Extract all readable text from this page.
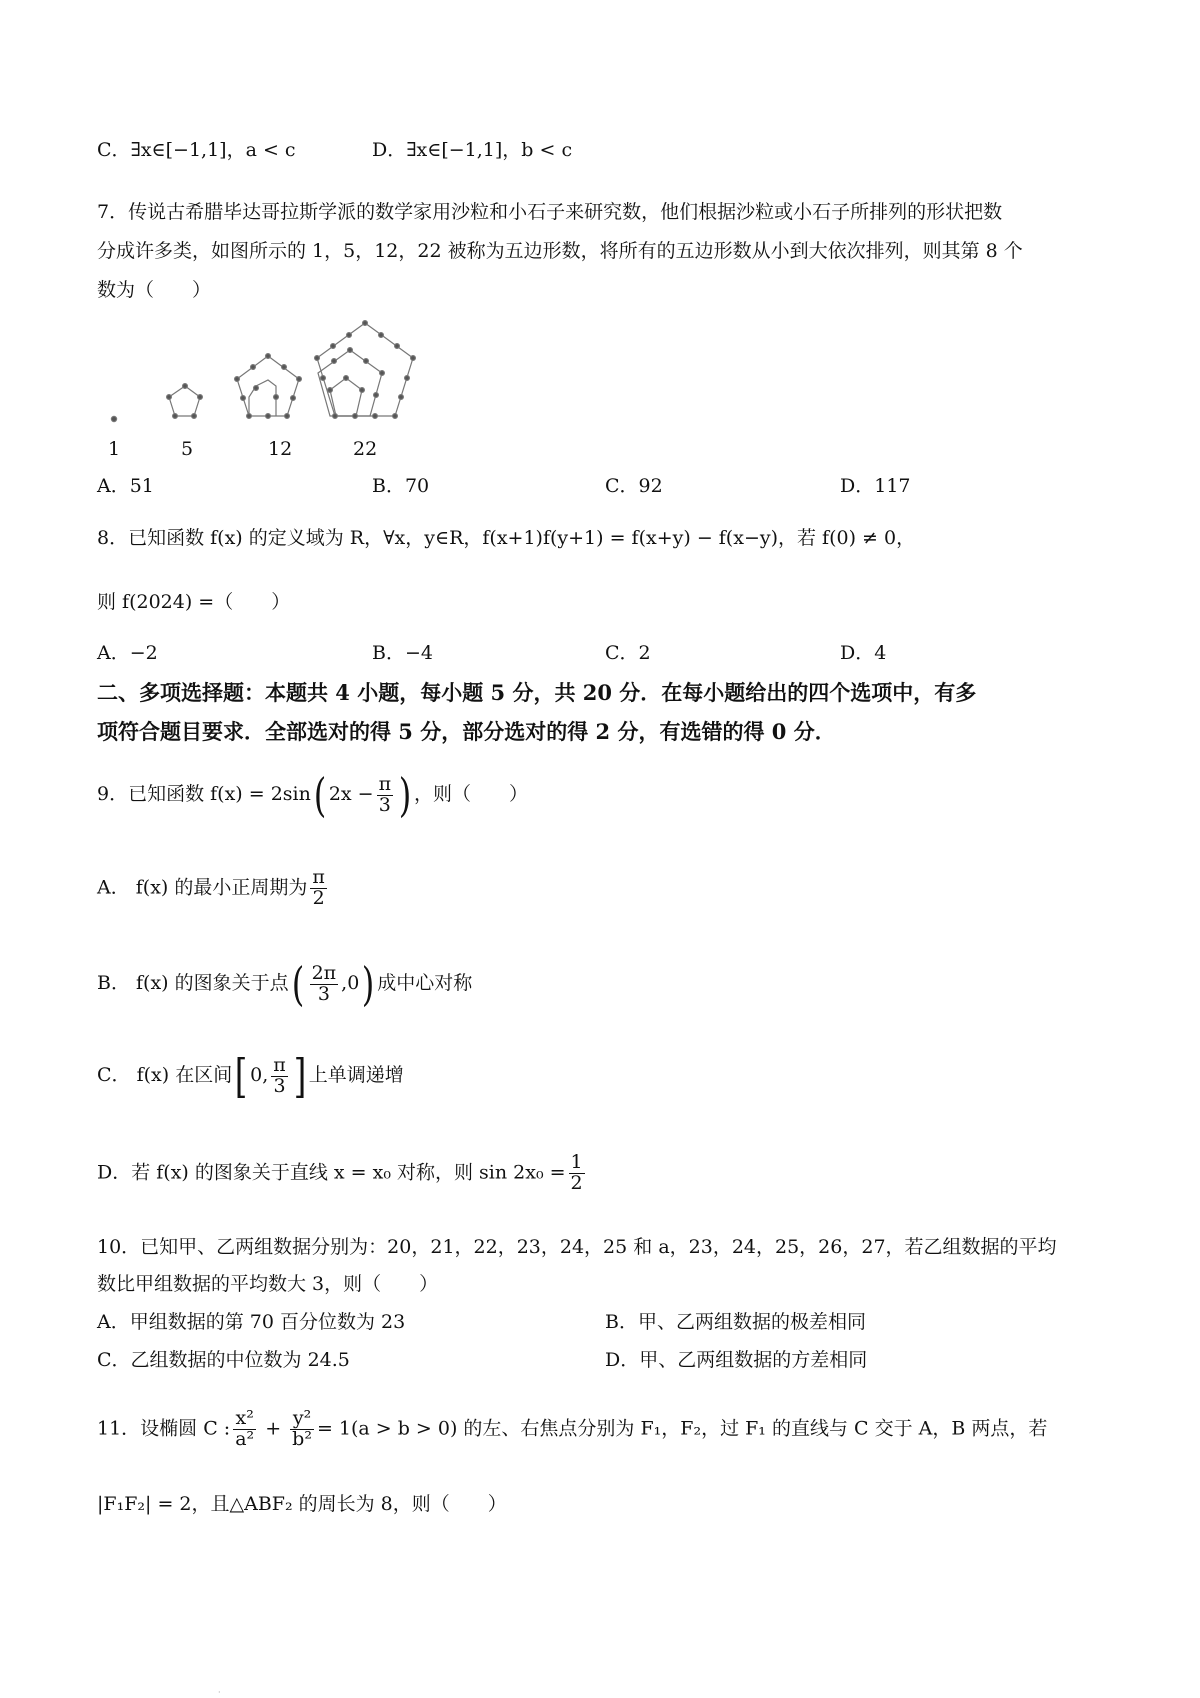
C．∃x∈[−1,1]，a < c	D．∃x∈[−1,1]，b < c
7．传说古希腊毕达哥拉斯学派的数学家用沙粒和小石子来研究数，他们根据沙粒或小石子所排列的形状把数
分成许多类，如图所示的 1，5，12，22 被称为五边形数，将所有的五边形数从小到大依次排列，则其第 8 个
数为（　　）
1	5	12	22
A．51	B．70	C．92	D．117
8．已知函数 f(x) 的定义域为 R，∀x，y∈R，f(x+1)f(y+1) = f(x+y) − f(x−y)，若 f(0) ≠ 0，
则 f(2024) =（　　）
A．−2	B．−4	C．2	D．4
二、多项选择题：本题共 4 小题，每小题 5 分，共 20 分．在每小题给出的四个选项中，有多
项符合题目要求．全部选对的得 5 分，部分选对的得 2 分，有选错的得 0 分．
9．已知函数 f(x) = 2sin( $2x - \frac{\pi}{3}$ ) ，则（　　）
A． f(x) 的最小正周期为 $\frac{\pi}{2}$
B． f(x) 的图象关于点( $\frac{2\pi}{3} ,0$) 成中心对称
C． f(x) 在区间[ 0, $\frac{\pi}{3}$ ] 上单调递增
D．若 f(x) 的图象关于直线 x = x₀ 对称，则 $\sin 2x_0 = \frac{1}{2}$
10．已知甲、乙两组数据分别为：20，21，22，23，24，25 和 a，23，24，25，26，27，若乙组数据的平均
数比甲组数据的平均数大 3，则（　　）
A．甲组数据的第 70 百分位数为 23	B．甲、乙两组数据的极差相同
C．乙组数据的中位数为 24.5	D．甲、乙两组数据的方差相同
11．设椭圆 C : $\frac{\text{x²}}{\text{a²}} + \frac{\text{y²}}{\text{b²}} = 1(a > b > 0)$ 的左、右焦点分别为 F₁，F₂，过 F₁ 的直线与 C 交于 A，B 两点，若
|F₁F₂| = 2，且△ABF₂ 的周长为 8，则（　　）
·
